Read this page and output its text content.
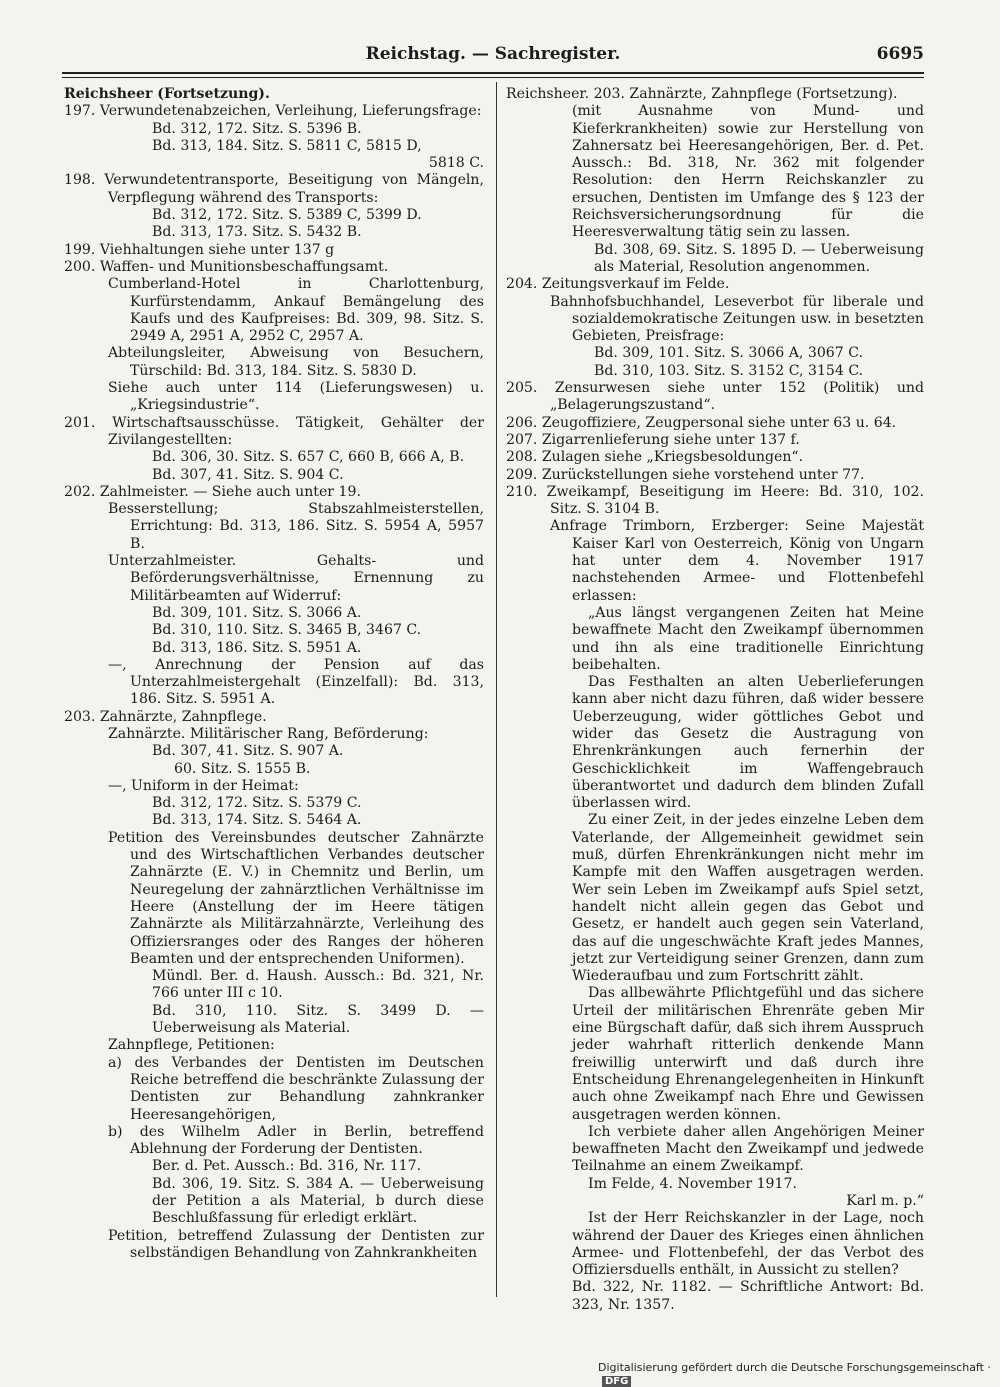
Reichstag. — Sachregister.	6695

Reichsheer (Fortsetzung).

197. Verwundetenabzeichen, Verleihung, Lieferungsfrage:

Bd. 312, 172. Sitz. S. 5396 B.

Bd. 313, 184. Sitz. S. 5811 C, 5815 D,

5818 C.

198. Verwundetentransporte, Beseitigung von Mängeln, Verpflegung während des Transports:

Bd. 312, 172. Sitz. S. 5389 C, 5399 D.

Bd. 313, 173. Sitz. S. 5432 B.

199. Viehhaltungen siehe unter 137 g

200. Waffen- und Munitionsbeschaffungsamt.

Cumberland-Hotel in Charlottenburg, Kurfürstendamm, Ankauf Bemängelung des Kaufs und des Kaufpreises: Bd. 309, 98. Sitz. S. 2949 A, 2951 A, 2952 C, 2957 A.

Abteilungsleiter, Abweisung von Besuchern, Türschild: Bd. 313, 184. Sitz. S. 5830 D.

Siehe auch unter 114 (Lieferungswesen) u. „Kriegsindustrie“.

201. Wirtschaftsausschüsse. Tätigkeit, Gehälter der Zivilangestellten:

Bd. 306, 30. Sitz. S. 657 C, 660 B, 666 A, B.

Bd. 307, 41. Sitz. S. 904 C.

202. Zahlmeister. — Siehe auch unter 19.

Besserstellung; Stabszahlmeisterstellen, Errichtung: Bd. 313, 186. Sitz. S. 5954 A, 5957 B.

Unterzahlmeister. Gehalts- und Beförderungsverhältnisse, Ernennung zu Militärbeamten auf Widerruf:

Bd. 309, 101. Sitz. S. 3066 A.

Bd. 310, 110. Sitz. S. 3465 B, 3467 C.

Bd. 313, 186. Sitz. S. 5951 A.

—, Anrechnung der Pension auf das Unterzahlmeistergehalt (Einzelfall): Bd. 313, 186. Sitz. S. 5951 A.

203. Zahnärzte, Zahnpflege.

Zahnärzte. Militärischer Rang, Beförderung:

Bd. 307, 41. Sitz. S. 907 A.

60. Sitz. S. 1555 B.

—, Uniform in der Heimat:

Bd. 312, 172. Sitz. S. 5379 C.

Bd. 313, 174. Sitz. S. 5464 A.

Petition des Vereinsbundes deutscher Zahnärzte und des Wirtschaftlichen Verbandes deutscher Zahnärzte (E. V.) in Chemnitz und Berlin, um Neuregelung der zahnärztlichen Verhältnisse im Heere (Anstellung der im Heere tätigen Zahnärzte als Militärzahnärzte, Verleihung des Offiziersranges oder des Ranges der höheren Beamten und der entsprechenden Uniformen).

Mündl. Ber. d. Haush. Aussch.: Bd. 321, Nr. 766 unter III c 10.

Bd. 310, 110. Sitz. S. 3499 D. — Ueberweisung als Material.

Zahnpflege, Petitionen:

a) des Verbandes der Dentisten im Deutschen Reiche betreffend die beschränkte Zulassung der Dentisten zur Behandlung zahnkranker Heeresangehörigen,

b) des Wilhelm Adler in Berlin, betreffend Ablehnung der Forderung der Dentisten.

Ber. d. Pet. Aussch.: Bd. 316, Nr. 117.

Bd. 306, 19. Sitz. S. 384 A. — Ueberweisung der Petition a als Material, b durch diese Beschlußfassung für erledigt erklärt.

Petition, betreffend Zulassung der Dentisten zur selbständigen Behandlung von Zahnkrankheiten

Reichsheer. 203. Zahnärzte, Zahnpflege (Fortsetzung).

(mit Ausnahme von Mund- und Kieferkrankheiten) sowie zur Herstellung von Zahnersatz bei Heeresangehörigen, Ber. d. Pet. Aussch.: Bd. 318, Nr. 362 mit folgender Resolution: den Herrn Reichskanzler zu ersuchen, Dentisten im Umfange des § 123 der Reichsversicherungsordnung für die Heeresverwaltung tätig sein zu lassen.

Bd. 308, 69. Sitz. S. 1895 D. — Ueberweisung als Material, Resolution angenommen.

204. Zeitungsverkauf im Felde.

Bahnhofsbuchhandel, Leseverbot für liberale und sozialdemokratische Zeitungen usw. in besetzten Gebieten, Preisfrage:

Bd. 309, 101. Sitz. S. 3066 A, 3067 C.

Bd. 310, 103. Sitz. S. 3152 C, 3154 C.

205. Zensurwesen siehe unter 152 (Politik) und „Belagerungszustand“.

206. Zeugoffiziere, Zeugpersonal siehe unter 63 u. 64.

207. Zigarrenlieferung siehe unter 137 f.

208. Zulagen siehe „Kriegsbesoldungen“.

209. Zurückstellungen siehe vorstehend unter 77.

210. Zweikampf, Beseitigung im Heere: Bd. 310, 102. Sitz. S. 3104 B.

Anfrage Trimborn, Erzberger: Seine Majestät Kaiser Karl von Oesterreich, König von Ungarn hat unter dem 4. November 1917 nachstehenden Armee- und Flottenbefehl erlassen:

„Aus längst vergangenen Zeiten hat Meine bewaffnete Macht den Zweikampf übernommen und ihn als eine traditionelle Einrichtung beibehalten.

Das Festhalten an alten Ueberlieferungen kann aber nicht dazu führen, daß wider bessere Ueberzeugung, wider göttliches Gebot und wider das Gesetz die Austragung von Ehrenkränkungen auch fernerhin der Geschicklichkeit im Waffengebrauch überantwortet und dadurch dem blinden Zufall überlassen wird.

Zu einer Zeit, in der jedes einzelne Leben dem Vaterlande, der Allgemeinheit gewidmet sein muß, dürfen Ehrenkränkungen nicht mehr im Kampfe mit den Waffen ausgetragen werden. Wer sein Leben im Zweikampf aufs Spiel setzt, handelt nicht allein gegen das Gebot und Gesetz, er handelt auch gegen sein Vaterland, das auf die ungeschwächte Kraft jedes Mannes, jetzt zur Verteidigung seiner Grenzen, dann zum Wiederaufbau und zum Fortschritt zählt.

Das allbewährte Pflichtgefühl und das sichere Urteil der militärischen Ehrenräte geben Mir eine Bürgschaft dafür, daß sich ihrem Ausspruch jeder wahrhaft ritterlich denkende Mann freiwillig unterwirft und daß durch ihre Entscheidung Ehrenangelegenheiten in Hinkunft auch ohne Zweikampf nach Ehre und Gewissen ausgetragen werden können.

Ich verbiete daher allen Angehörigen Meiner bewaffneten Macht den Zweikampf und jedwede Teilnahme an einem Zweikampf.

Im Felde, 4. November 1917.

Karl m. p.“

Ist der Herr Reichskanzler in der Lage, noch während der Dauer des Krieges einen ähnlichen Armee- und Flottenbefehl, der das Verbot des Offiziersduells enthält, in Aussicht zu stellen?

Bd. 322, Nr. 1182. — Schriftliche Antwort: Bd. 323, Nr. 1357.

Digitalisierung gefördert durch die Deutsche Forschungsgemeinschaft ·DFG
